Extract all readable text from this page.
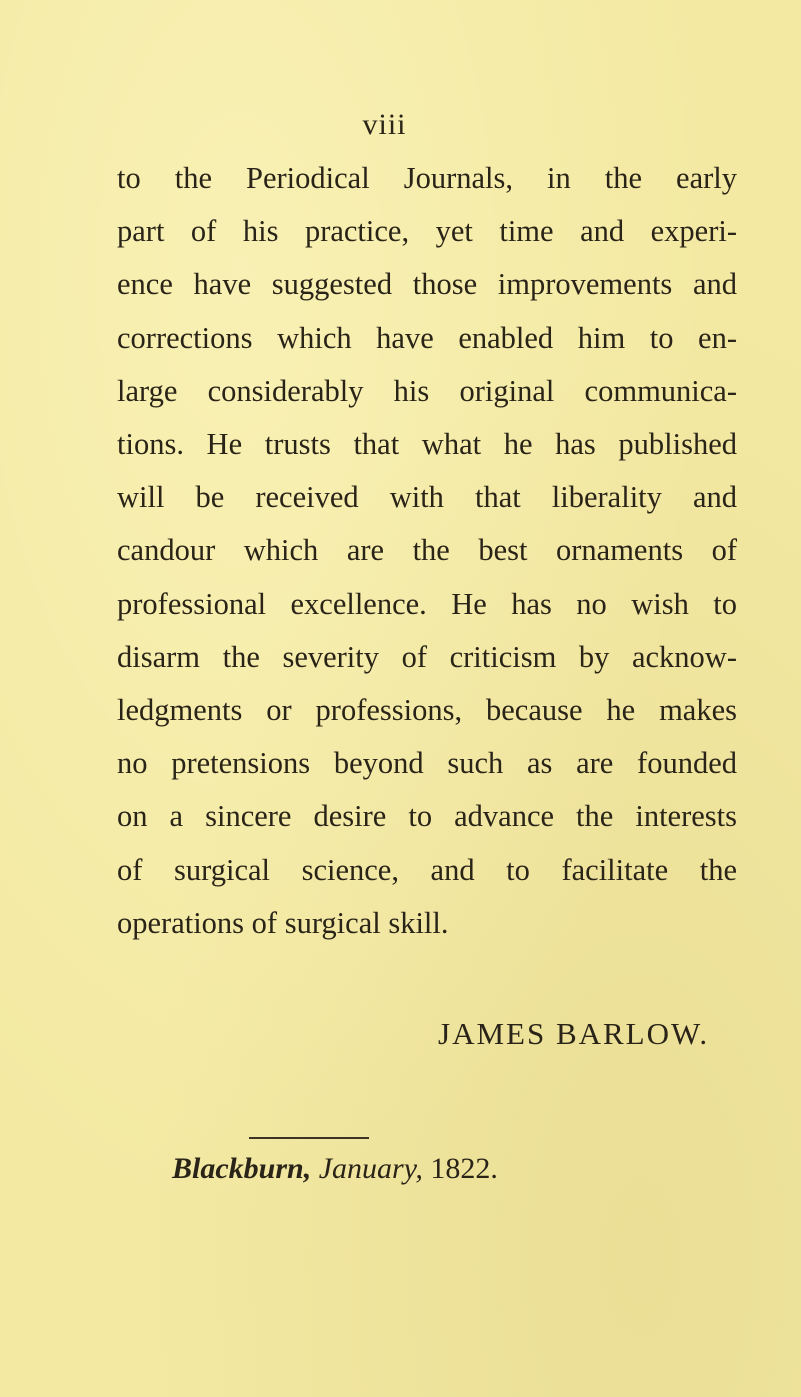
viii
to the Periodical Journals, in the early
part of his practice, yet time and experi-
ence have suggested those improvements and
corrections which have enabled him to en-
large considerably his original communica-
tions. He trusts that what he has published
will be received with that liberality and
candour which are the best ornaments of
professional excellence. He has no wish to
disarm the severity of criticism by acknow-
ledgments or professions, because he makes
no pretensions beyond such as are founded
on a sincere desire to advance the interests
of surgical science, and to facilitate the
operations of surgical skill.
JAMES BARLOW.
Blackburn, January, 1822.
